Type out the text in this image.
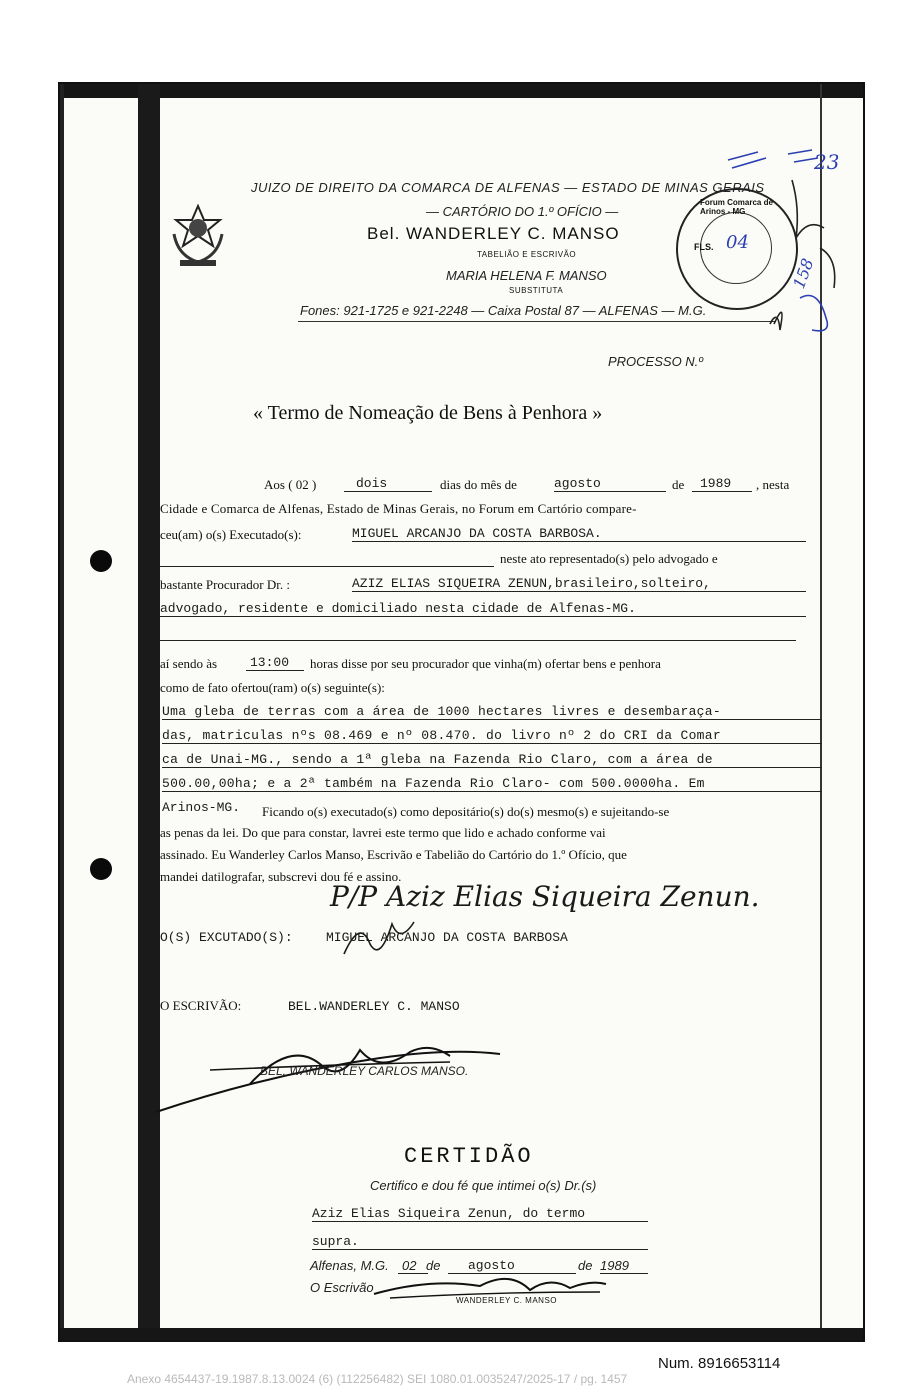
JUIZO DE DIREITO DA COMARCA DE ALFENAS — ESTADO DE MINAS GERAIS
— CARTÓRIO DO 1.º OFÍCIO —
Bel. WANDERLEY C. MANSO
TABELIÃO E ESCRIVÃO
MARIA HELENA F. MANSO
SUBSTITUTA
Fones: 921-1725 e 921-2248 — Caixa Postal 87 — ALFENAS — M.G.
Forum Comarca de Arinos - MG
FLS. 04
23
158
PROCESSO N.º
« Termo de Nomeação de Bens à Penhora »
Aos ( 02 )	dois	dias do mês de	agosto	de	1989	, nesta
Cidade e Comarca de Alfenas, Estado de Minas Gerais, no Forum em Cartório compare-
ceu(am) o(s) Executado(s):	MIGUEL ARCANJO DA COSTA BARBOSA.
neste ato representado(s) pelo advogado e
bastante Procurador Dr. :	AZIZ ELIAS SIQUEIRA ZENUN,brasileiro,solteiro,
advogado, residente e domiciliado nesta cidade de Alfenas-MG.
aí sendo às	13:00	horas disse por seu procurador que vinha(m) ofertar bens e penhora
como de fato ofertou(ram) o(s) seguinte(s):
Uma gleba de terras com a área de 1000 hectares livres e desembaraça-
das, matriculas nºs 08.469 e nº 08.470. do livro nº 2 do CRI da Comar
ca de Unai-MG., sendo a 1ª gleba na Fazenda Rio Claro, com a área de
500.00,00ha; e a 2ª também na Fazenda Rio Claro- com 500.0000ha. Em
Arinos-MG. Ficando o(s) executado(s) como depositário(s) do(s) mesmo(s) e sujeitando-se
as penas da lei. Do que para constar, lavrei este termo que lido e achado conforme vai
assinado. Eu Wanderley Carlos Manso, Escrivão e Tabelião do Cartório do 1.º Ofício, que
mandei datilografar, subscrevi dou fé e assino.
P/P Aziz Elias Siqueira Zenun.
O(S) EXCUTADO(S):	MIGUEL ARCANJO DA COSTA BARBOSA
O ESCRIVÃO:	BEL.WANDERLEY C. MANSO
BEL. WANDERLEY CARLOS MANSO.
CERTIDÃO
Certifico e dou fé que intimei o(s) Dr.(s)
Aziz Elias Siqueira Zenun, do termo
supra.
Alfenas, M.G.	02 de	agosto	de 1989
O Escrivão
WANDERLEY C. MANSO
Num. 8916653114
Anexo 4654437-19.1987.8.13.0024 (6) (112256482) SEI 1080.01.0035247/2025-17 / pg. 1457
